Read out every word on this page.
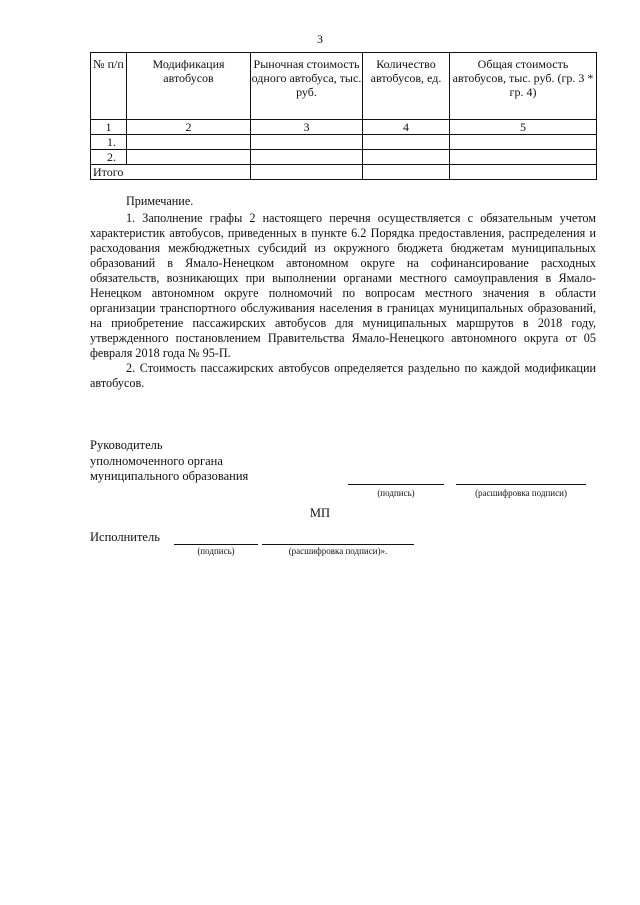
3
№ п/п	Модификация автобусов	Рыночная стоимость одного автобуса, тыс. руб.	Количество автобусов, ед.	Общая стоимость автобусов, тыс. руб. (гр. 3 * гр. 4)
1	2	3	4	5
1.				
2.				
Итого				
Примечание.

1. Заполнение графы 2 настоящего перечня осуществляется с обязательным учетом характеристик автобусов, приведенных в пункте 6.2 Порядка предоставления, распределения и расходования межбюджетных субсидий из окружного бюджета бюджетам муниципальных образований в Ямало-Ненецком автономном округе на софинансирование расходных обязательств, возникающих при выполнении органами местного самоуправления в Ямало-Ненецком автономном округе полномочий по вопросам местного значения в области организации транспортного обслуживания населения в границах муниципальных образований, на приобретение пассажирских автобусов для муниципальных маршрутов в 2018 году, утвержденного постановлением Правительства Ямало-Ненецкого автономного округа от 05 февраля 2018 года № 95-П.

2. Стоимость пассажирских автобусов определяется раздельно по каждой модификации автобусов.

Руководитель
уполномоченного органа
муниципального образования
(подпись)	(расшифровка подписи)
МП
Исполнитель
(подпись)	(расшифровка подписи)».
